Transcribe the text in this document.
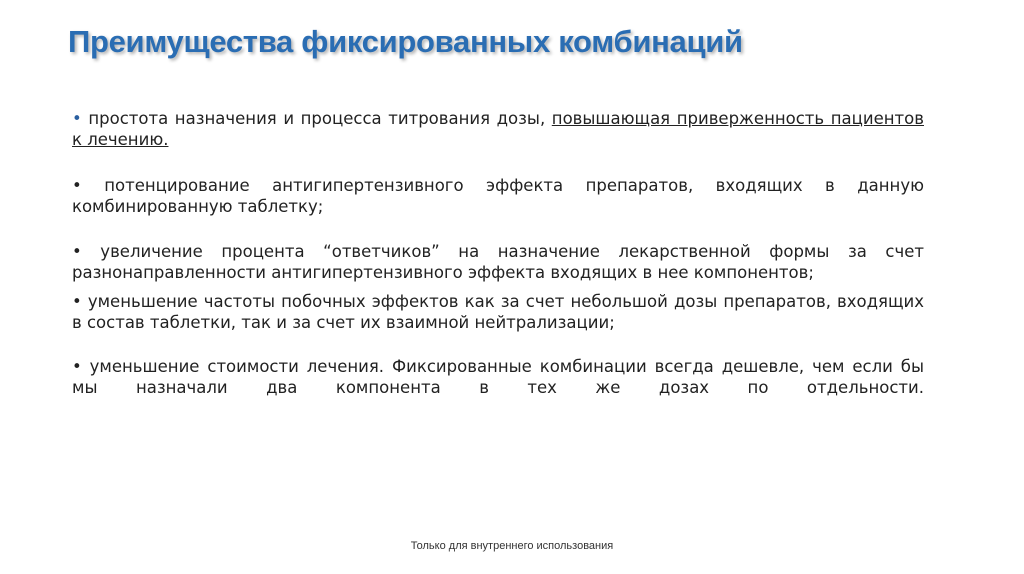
Преимущества фиксированных комбинаций
• простота назначения и процесса титрования дозы, повышающая приверженность пациентов к лечению.
• потенцирование антигипертензивного эффекта препаратов, входящих в данную комбинированную таблетку;
• увеличение процента “ответчиков” на назначение лекарственной формы за счет разнонаправленности антигипертензивного эффекта входящих в нее компонентов;
• уменьшение частоты побочных эффектов как за счет небольшой дозы препаратов, входящих в состав таблетки, так и за счет их взаимной нейтрализации;
• уменьшение стоимости лечения. Фиксированные комбинации всегда дешевле, чем если бы мы назначали два компонента в тех же дозах по отдельности.
Только для внутреннего использования
